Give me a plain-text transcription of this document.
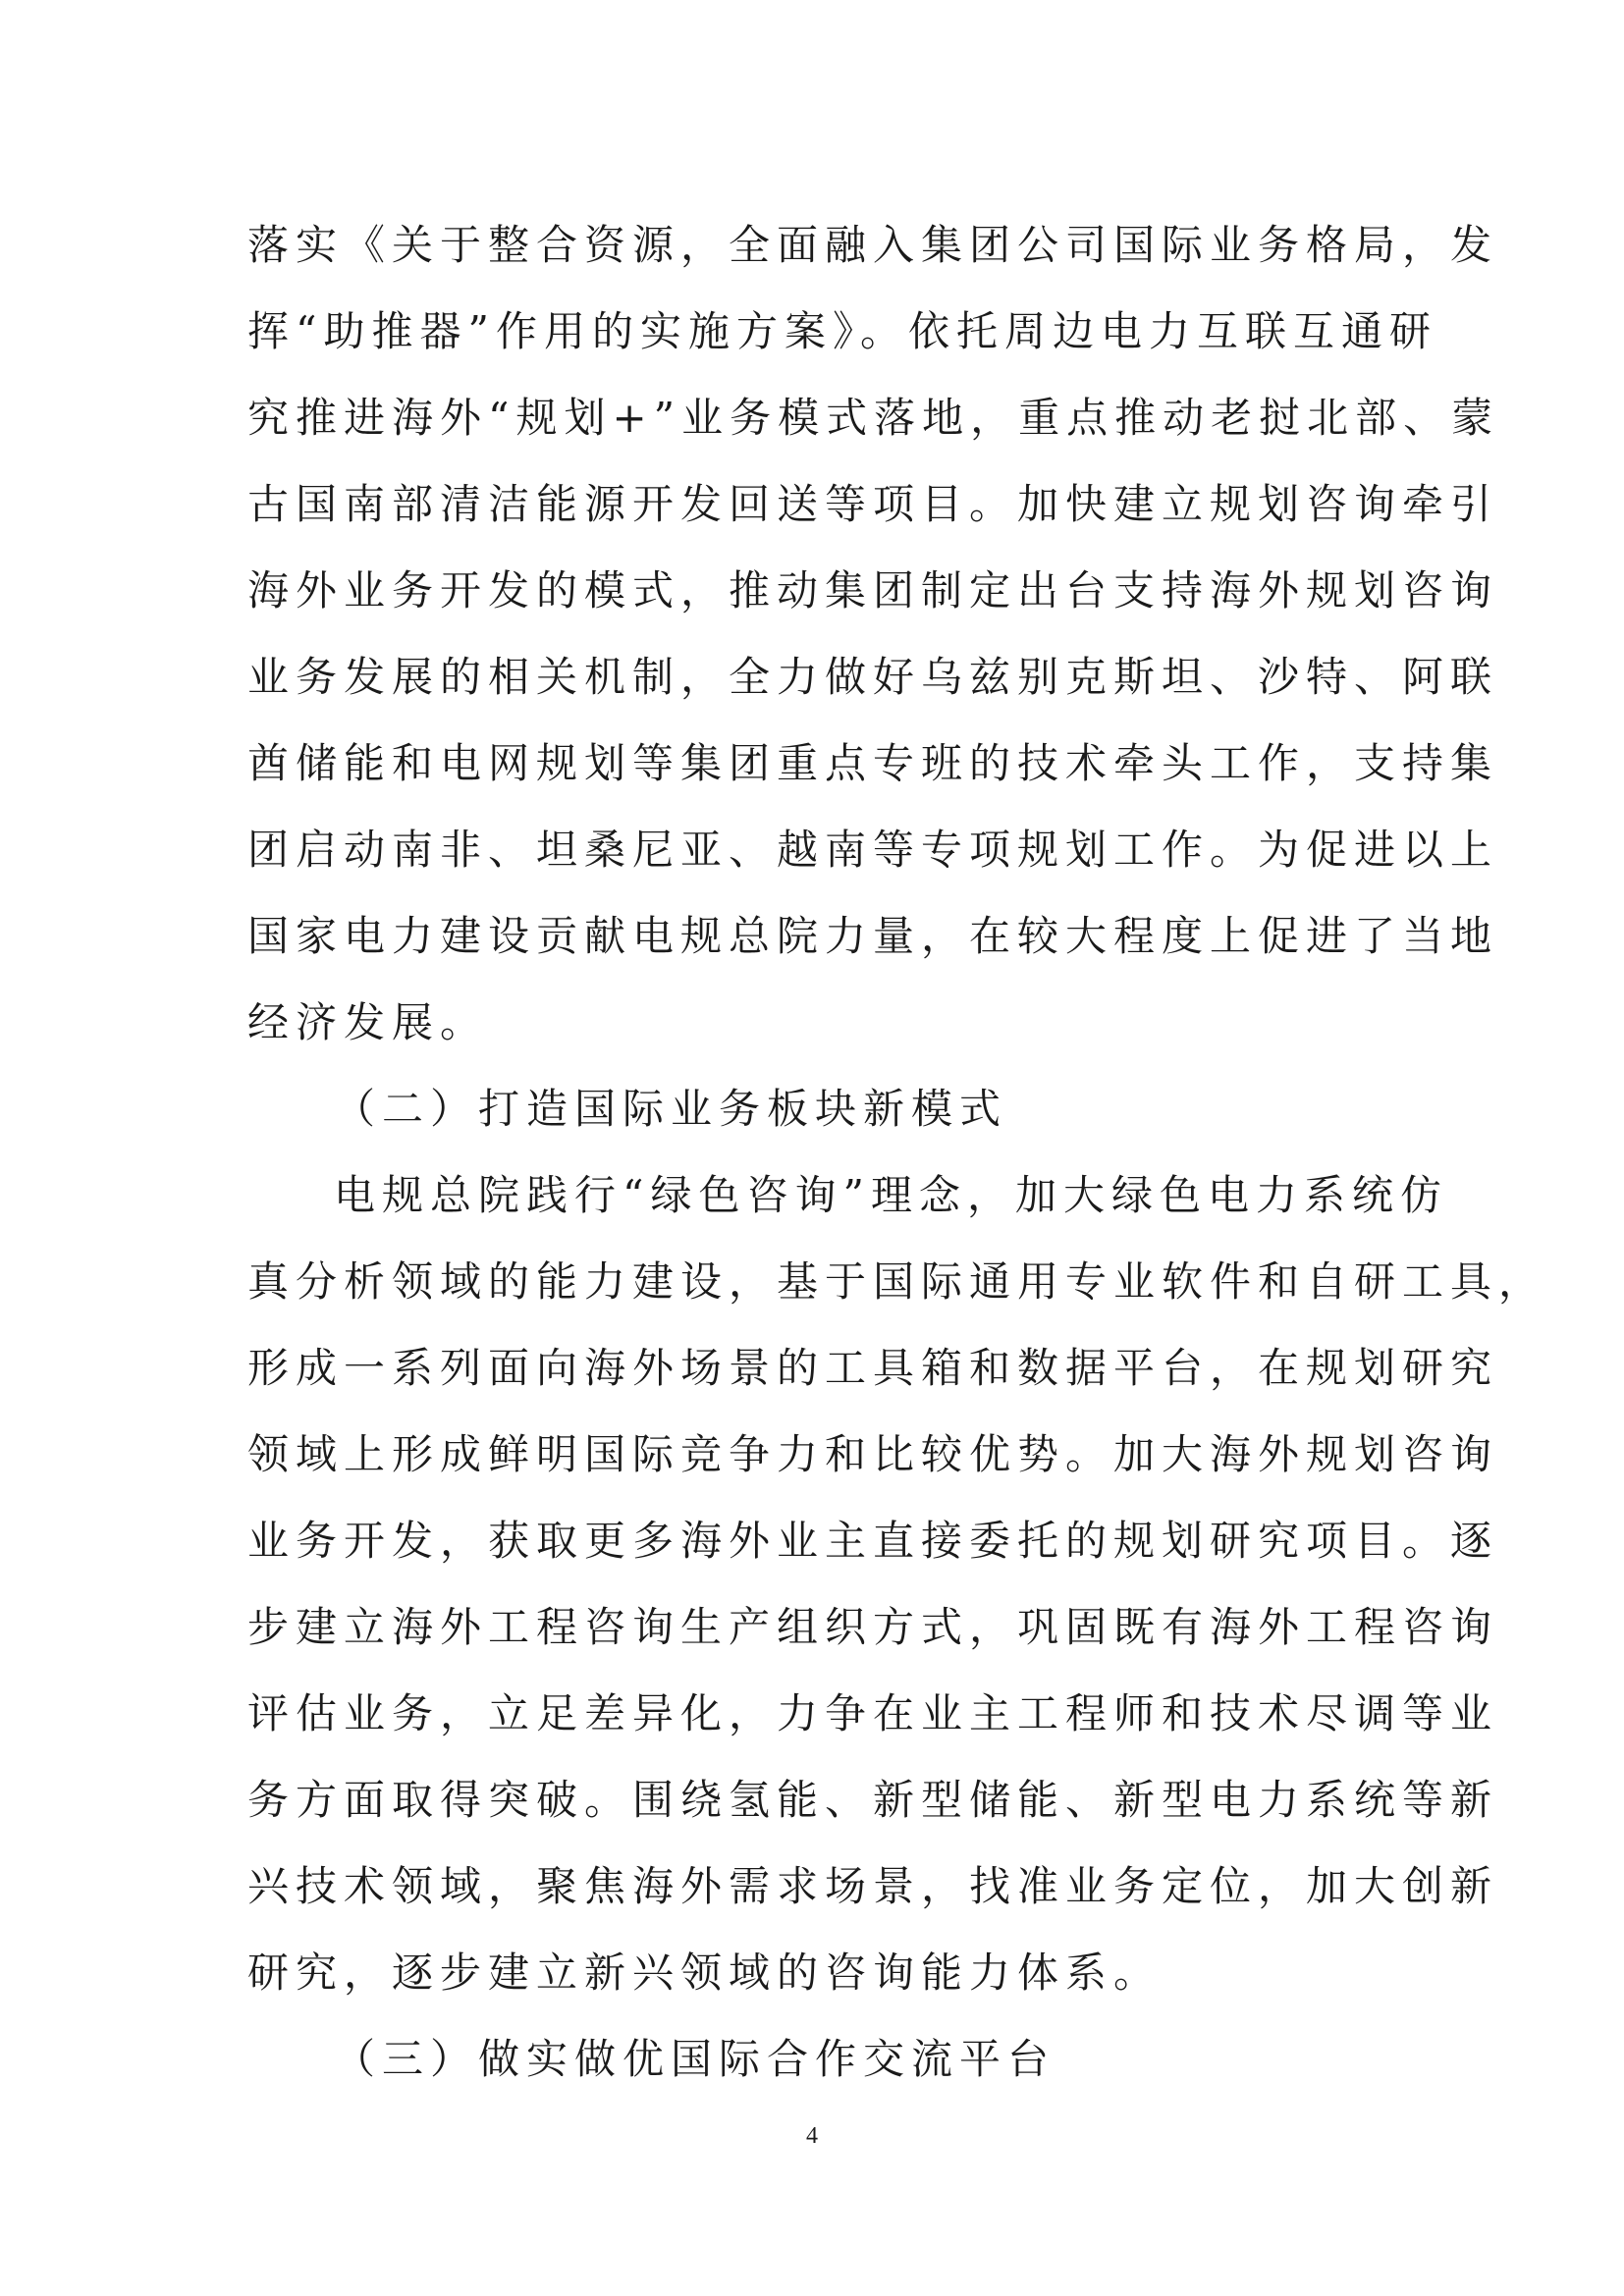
落实《关于整合资源，全面融入集团公司国际业务格局，发
挥“助推器”作用的实施方案》。依托周边电力互联互通研
究推进海外“规划+”业务模式落地，重点推动老挝北部、蒙
古国南部清洁能源开发回送等项目。加快建立规划咨询牵引
海外业务开发的模式，推动集团制定出台支持海外规划咨询
业务发展的相关机制，全力做好乌兹别克斯坦、沙特、阿联
酋储能和电网规划等集团重点专班的技术牵头工作，支持集
团启动南非、坦桑尼亚、越南等专项规划工作。为促进以上
国家电力建设贡献电规总院力量，在较大程度上促进了当地
经济发展。
（二）打造国际业务板块新模式
电规总院践行“绿色咨询”理念，加大绿色电力系统仿
真分析领域的能力建设，基于国际通用专业软件和自研工具，
形成一系列面向海外场景的工具箱和数据平台，在规划研究
领域上形成鲜明国际竞争力和比较优势。加大海外规划咨询
业务开发，获取更多海外业主直接委托的规划研究项目。逐
步建立海外工程咨询生产组织方式，巩固既有海外工程咨询
评估业务，立足差异化，力争在业主工程师和技术尽调等业
务方面取得突破。围绕氢能、新型储能、新型电力系统等新
兴技术领域，聚焦海外需求场景，找准业务定位，加大创新
研究，逐步建立新兴领域的咨询能力体系。
（三）做实做优国际合作交流平台
4
